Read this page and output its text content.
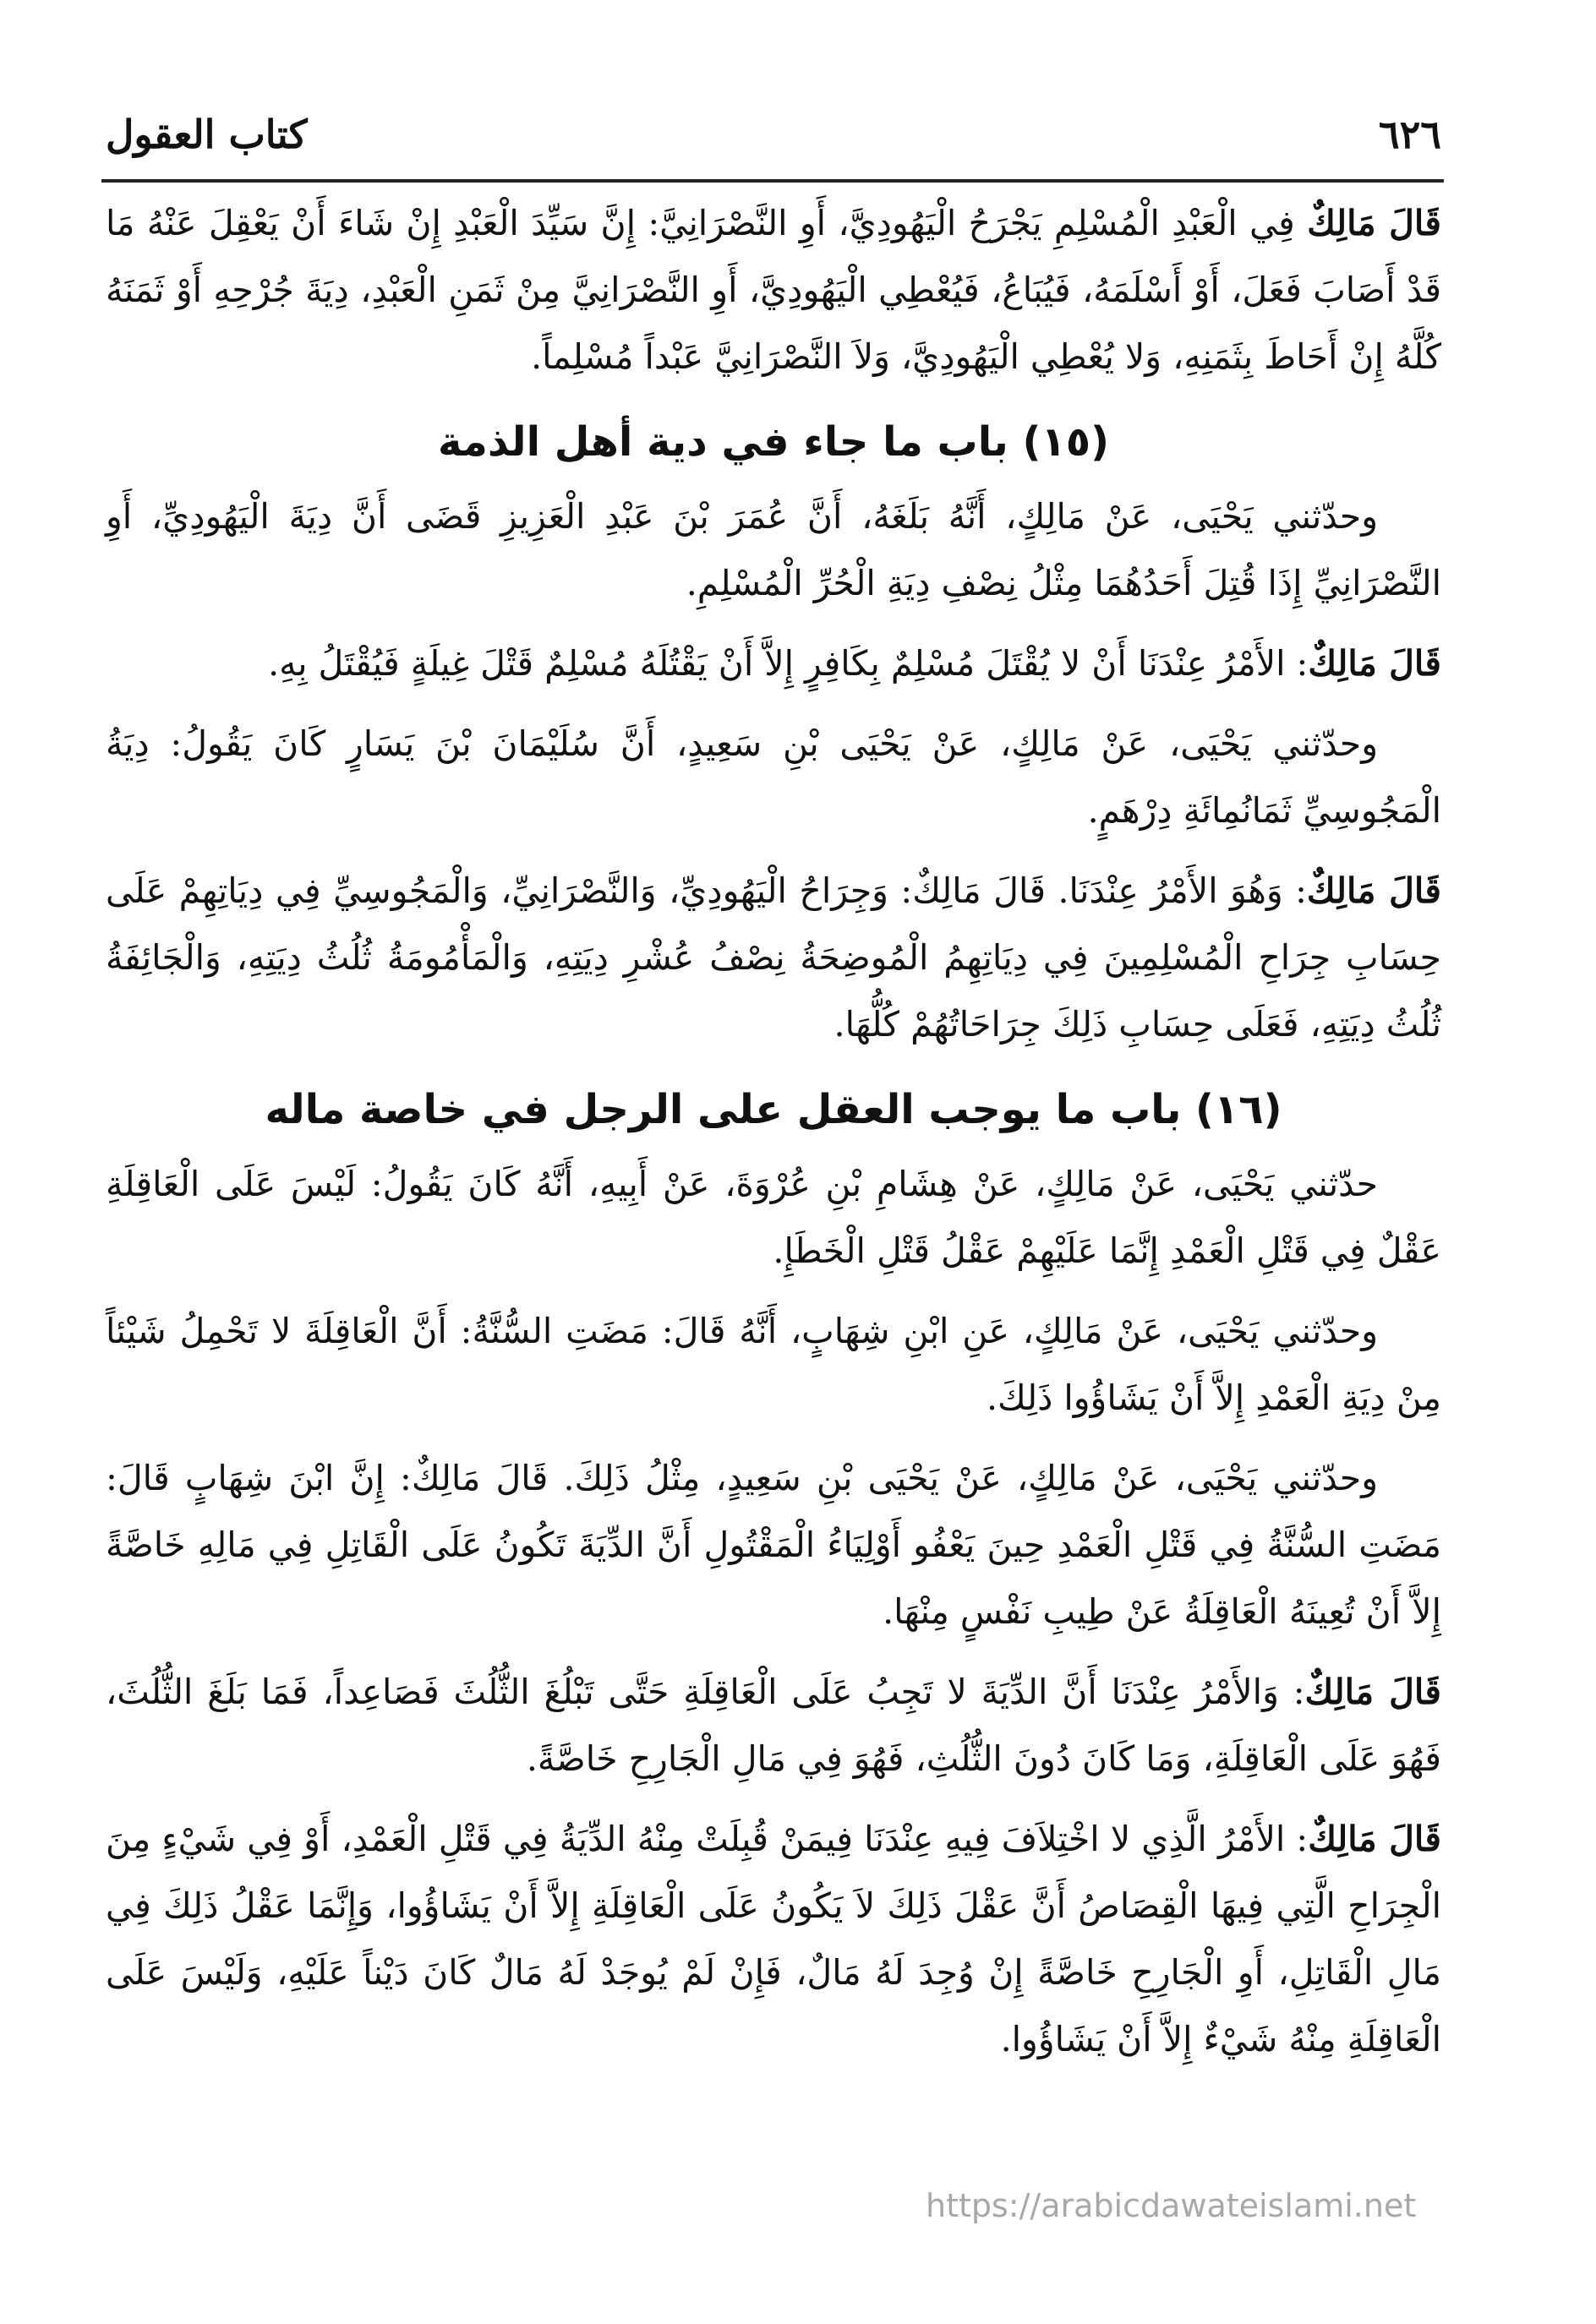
٦٢٦
كتاب العقول

قَالَ مَالِكٌ فِي الْعَبْدِ الْمُسْلِمِ يَجْرَحُ الْيَهُودِيَّ، أَوِ النَّصْرَانِيَّ: إِنَّ سَيِّدَ الْعَبْدِ إِنْ شَاءَ أَنْ يَعْقِلَ عَنْهُ مَا قَدْ أَصَابَ فَعَلَ، أَوْ أَسْلَمَهُ، فَيُبَاعُ، فَيُعْطِي الْيَهُودِيَّ، أَوِ النَّصْرَانِيَّ مِنْ ثَمَنِ الْعَبْدِ، دِيَةَ جُرْحِهِ أَوْ ثَمَنَهُ كُلَّهُ إِنْ أَحَاطَ بِثَمَنِهِ، وَلا يُعْطِي الْيَهُودِيَّ، وَلاَ النَّصْرَانِيَّ عَبْداً مُسْلِماً.

(١٥) باب ما جاء في دية أهل الذمة

وحدّثني يَحْيَى، عَنْ مَالِكٍ، أَنَّهُ بَلَغَهُ، أَنَّ عُمَرَ بْنَ عَبْدِ الْعَزِيزِ قَضَى أَنَّ دِيَةَ الْيَهُودِيِّ، أَوِ النَّصْرَانِيِّ إِذَا قُتِلَ أَحَدُهُمَا مِثْلُ نِصْفِ دِيَةِ الْحُرِّ الْمُسْلِمِ.

قَالَ مَالِكٌ: الأَمْرُ عِنْدَنَا أَنْ لا يُقْتَلَ مُسْلِمٌ بِكَافِرٍ إِلاَّ أَنْ يَقْتُلَهُ مُسْلِمٌ قَتْلَ غِيلَةٍ فَيُقْتَلُ بِهِ.

وحدّثني يَحْيَى، عَنْ مَالِكٍ، عَنْ يَحْيَى بْنِ سَعِيدٍ، أَنَّ سُلَيْمَانَ بْنَ يَسَارٍ كَانَ يَقُولُ: دِيَةُ الْمَجُوسِيِّ ثَمَانُمِائَةِ دِرْهَمٍ.

قَالَ مَالِكٌ: وَهُوَ الأَمْرُ عِنْدَنَا. قَالَ مَالِكٌ: وَجِرَاحُ الْيَهُودِيِّ، وَالنَّصْرَانِيِّ، وَالْمَجُوسِيِّ فِي دِيَاتِهِمْ عَلَى حِسَابِ جِرَاحِ الْمُسْلِمِينَ فِي دِيَاتِهِمُ الْمُوضِحَةُ نِصْفُ عُشْرِ دِيَتِهِ، وَالْمَأْمُومَةُ ثُلُثُ دِيَتِهِ، وَالْجَائِفَةُ ثُلُثُ دِيَتِهِ، فَعَلَى حِسَابِ ذَلِكَ جِرَاحَاتُهُمْ كُلُّهَا.

(١٦) باب ما يوجب العقل على الرجل في خاصة ماله

حدّثني يَحْيَى، عَنْ مَالِكٍ، عَنْ هِشَامِ بْنِ عُرْوَةَ، عَنْ أَبِيهِ، أَنَّهُ كَانَ يَقُولُ: لَيْسَ عَلَى الْعَاقِلَةِ عَقْلٌ فِي قَتْلِ الْعَمْدِ إِنَّمَا عَلَيْهِمْ عَقْلُ قَتْلِ الْخَطَإِ.

وحدّثني يَحْيَى، عَنْ مَالِكٍ، عَنِ ابْنِ شِهَابٍ، أَنَّهُ قَالَ: مَضَتِ السُّنَّةُ: أَنَّ الْعَاقِلَةَ لا تَحْمِلُ شَيْئاً مِنْ دِيَةِ الْعَمْدِ إِلاَّ أَنْ يَشَاؤُوا ذَلِكَ.

وحدّثني يَحْيَى، عَنْ مَالِكٍ، عَنْ يَحْيَى بْنِ سَعِيدٍ، مِثْلُ ذَلِكَ. قَالَ مَالِكٌ: إِنَّ ابْنَ شِهَابٍ قَالَ: مَضَتِ السُّنَّةُ فِي قَتْلِ الْعَمْدِ حِينَ يَعْفُو أَوْلِيَاءُ الْمَقْتُولِ أَنَّ الدِّيَةَ تَكُونُ عَلَى الْقَاتِلِ فِي مَالِهِ خَاصَّةً إِلاَّ أَنْ تُعِينَهُ الْعَاقِلَةُ عَنْ طِيبِ نَفْسٍ مِنْهَا.

قَالَ مَالِكٌ: وَالأَمْرُ عِنْدَنَا أَنَّ الدِّيَةَ لا تَجِبُ عَلَى الْعَاقِلَةِ حَتَّى تَبْلُغَ الثُّلُثَ فَصَاعِداً، فَمَا بَلَغَ الثُّلُثَ، فَهُوَ عَلَى الْعَاقِلَةِ، وَمَا كَانَ دُونَ الثُّلُثِ، فَهُوَ فِي مَالِ الْجَارِحِ خَاصَّةً.

قَالَ مَالِكٌ: الأَمْرُ الَّذِي لا اخْتِلاَفَ فِيهِ عِنْدَنَا فِيمَنْ قُبِلَتْ مِنْهُ الدِّيَةُ فِي قَتْلِ الْعَمْدِ، أَوْ فِي شَيْءٍ مِنَ الْجِرَاحِ الَّتِي فِيهَا الْقِصَاصُ أَنَّ عَقْلَ ذَلِكَ لاَ يَكُونُ عَلَى الْعَاقِلَةِ إِلاَّ أَنْ يَشَاؤُوا، وَإِنَّمَا عَقْلُ ذَلِكَ فِي مَالِ الْقَاتِلِ، أَوِ الْجَارِحِ خَاصَّةً إِنْ وُجِدَ لَهُ مَالٌ، فَإِنْ لَمْ يُوجَدْ لَهُ مَالٌ كَانَ دَيْناً عَلَيْهِ، وَلَيْسَ عَلَى الْعَاقِلَةِ مِنْهُ شَيْءٌ إِلاَّ أَنْ يَشَاؤُوا.

https://arabicdawateislami.net
